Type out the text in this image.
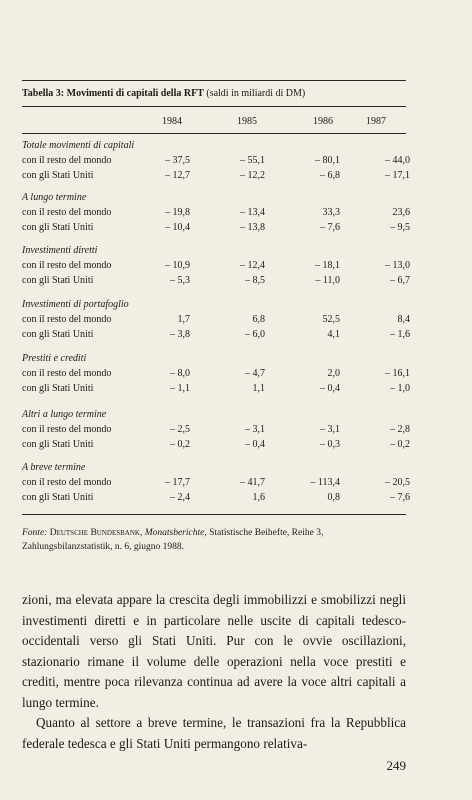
Tabella 3: Movimenti di capitali della RFT (saldi in miliardi di DM)
1984	1985	1986	1987
Totale movimenti di capitali
con il resto del mondo	– 37,5	– 55,1	– 80,1	– 44,0
con gli Stati Uniti	– 12,7	– 12,2	– 6,8	– 17,1
A lungo termine
con il resto del mondo	– 19,8	– 13,4	33,3	23,6
con gli Stati Uniti	– 10,4	– 13,8	– 7,6	– 9,5
Investimenti diretti
con il resto del mondo	– 10,9	– 12,4	– 18,1	– 13,0
con gli Stati Uniti	– 5,3	– 8,5	– 11,0	– 6,7
Investimenti di portafoglio
con il resto del mondo	1,7	6,8	52,5	8,4
con gli Stati Uniti	– 3,8	– 6,0	4,1	– 1,6
Prestiti e crediti
con il resto del mondo	– 8,0	– 4,7	2,0	– 16,1
con gli Stati Uniti	– 1,1	1,1	– 0,4	– 1,0
Altri a lungo termine
con il resto del mondo	– 2,5	– 3,1	– 3,1	– 2,8
con gli Stati Uniti	– 0,2	– 0,4	– 0,3	– 0,2
A breve termine
con il resto del mondo	– 17,7	– 41,7	– 113,4	– 20,5
con gli Stati Uniti	– 2,4	1,6	0,8	– 7,6
Fonte: Deutsche Bundesbank, Monatsberichte, Statistische Beihefte, Reihe 3, Zahlungsbilanzstatistik, n. 6, giugno 1988.

zioni, ma elevata appare la crescita degli immobilizzi e smobilizzi negli investimenti diretti e in particolare nelle uscite di capitali tedesco-occidentali verso gli Stati Uniti. Pur con le ovvie oscillazioni, stazionario rimane il volume delle operazioni nella voce prestiti e crediti, mentre poca rilevanza continua ad avere la voce altri capitali a lungo termine.

Quanto al settore a breve termine, le transazioni fra la Repubblica federale tedesca e gli Stati Uniti permangono relativa-

249
